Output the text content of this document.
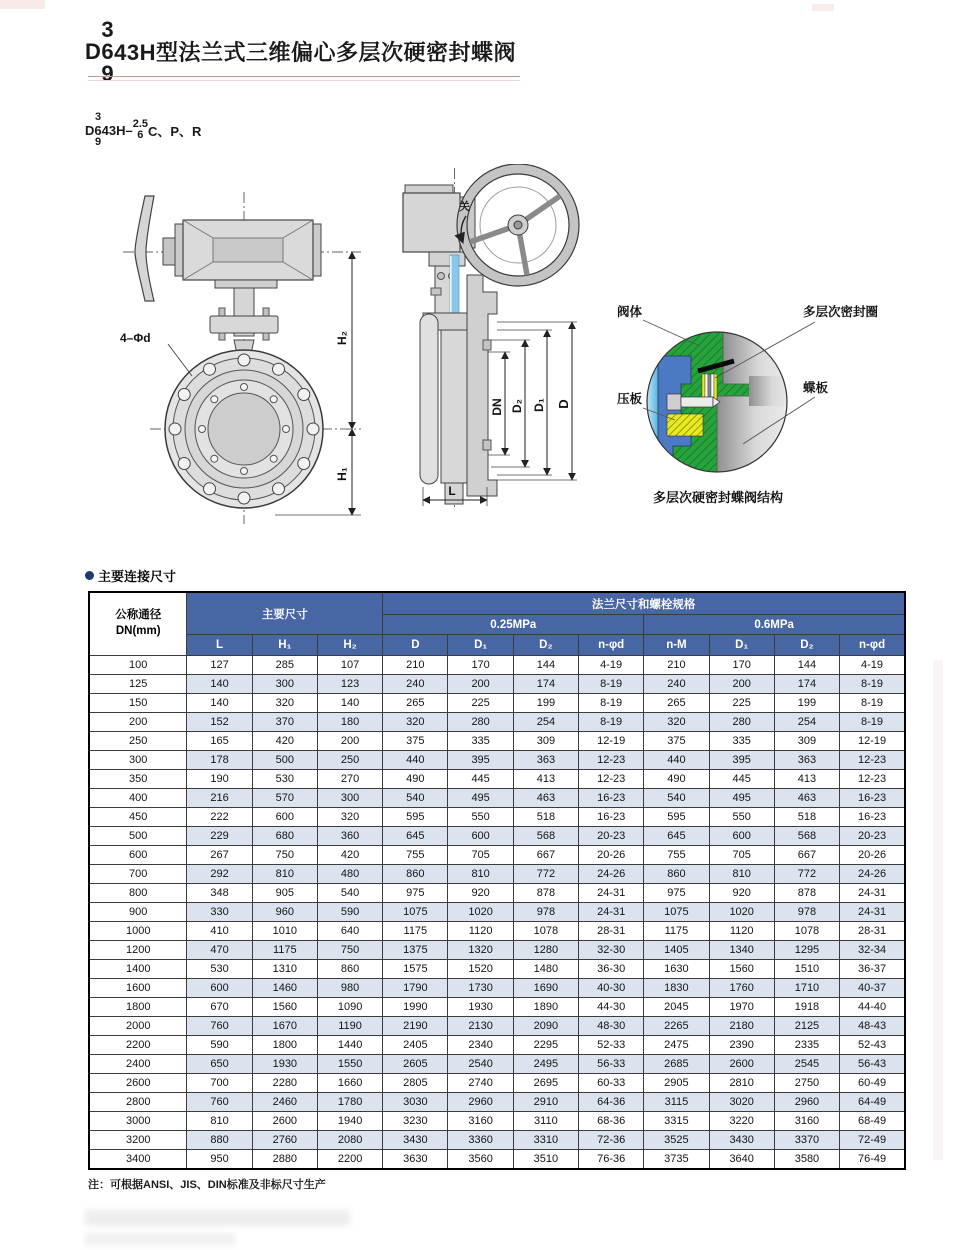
D
3
6
9
43H型法兰式三维偏心多层次硬密封蝶阀
D
3
6
9
43H– 2.5
6 C、P、R
H₂
H₁
4–Φd
关
DN D₂ D₁ D
L
阀体	多层次密封圈
压板
蝶板
多层次硬密封蝶阀结构
主要连接尺寸
公称通径
DN(mm)	主要尺寸			法兰尺寸和螺栓规格							
				0.25MPa				0.6MPa			
	L	H₁	H₂	D	D₁	D₂	n-φd	n-M	D₁	D₂	n-φd
100	127	285	107	210	170	144	4-19	210	170	144	4-19
125	140	300	123	240	200	174	8-19	240	200	174	8-19
150	140	320	140	265	225	199	8-19	265	225	199	8-19
200	152	370	180	320	280	254	8-19	320	280	254	8-19
250	165	420	200	375	335	309	12-19	375	335	309	12-19
300	178	500	250	440	395	363	12-23	440	395	363	12-23
350	190	530	270	490	445	413	12-23	490	445	413	12-23
400	216	570	300	540	495	463	16-23	540	495	463	16-23
450	222	600	320	595	550	518	16-23	595	550	518	16-23
500	229	680	360	645	600	568	20-23	645	600	568	20-23
600	267	750	420	755	705	667	20-26	755	705	667	20-26
700	292	810	480	860	810	772	24-26	860	810	772	24-26
800	348	905	540	975	920	878	24-31	975	920	878	24-31
900	330	960	590	1075	1020	978	24-31	1075	1020	978	24-31
1000	410	1010	640	1175	1120	1078	28-31	1175	1120	1078	28-31
1200	470	1175	750	1375	1320	1280	32-30	1405	1340	1295	32-34
1400	530	1310	860	1575	1520	1480	36-30	1630	1560	1510	36-37
1600	600	1460	980	1790	1730	1690	40-30	1830	1760	1710	40-37
1800	670	1560	1090	1990	1930	1890	44-30	2045	1970	1918	44-40
2000	760	1670	1190	2190	2130	2090	48-30	2265	2180	2125	48-43
2200	590	1800	1440	2405	2340	2295	52-33	2475	2390	2335	52-43
2400	650	1930	1550	2605	2540	2495	56-33	2685	2600	2545	56-43
2600	700	2280	1660	2805	2740	2695	60-33	2905	2810	2750	60-49
2800	760	2460	1780	3030	2960	2910	64-36	3115	3020	2960	64-49
3000	810	2600	1940	3230	3160	3110	68-36	3315	3220	3160	68-49
3200	880	2760	2080	3430	3360	3310	72-36	3525	3430	3370	72-49
3400	950	2880	2200	3630	3560	3510	76-36	3735	3640	3580	76-49
注：可根据ANSI、JIS、DIN标准及非标尺寸生产
